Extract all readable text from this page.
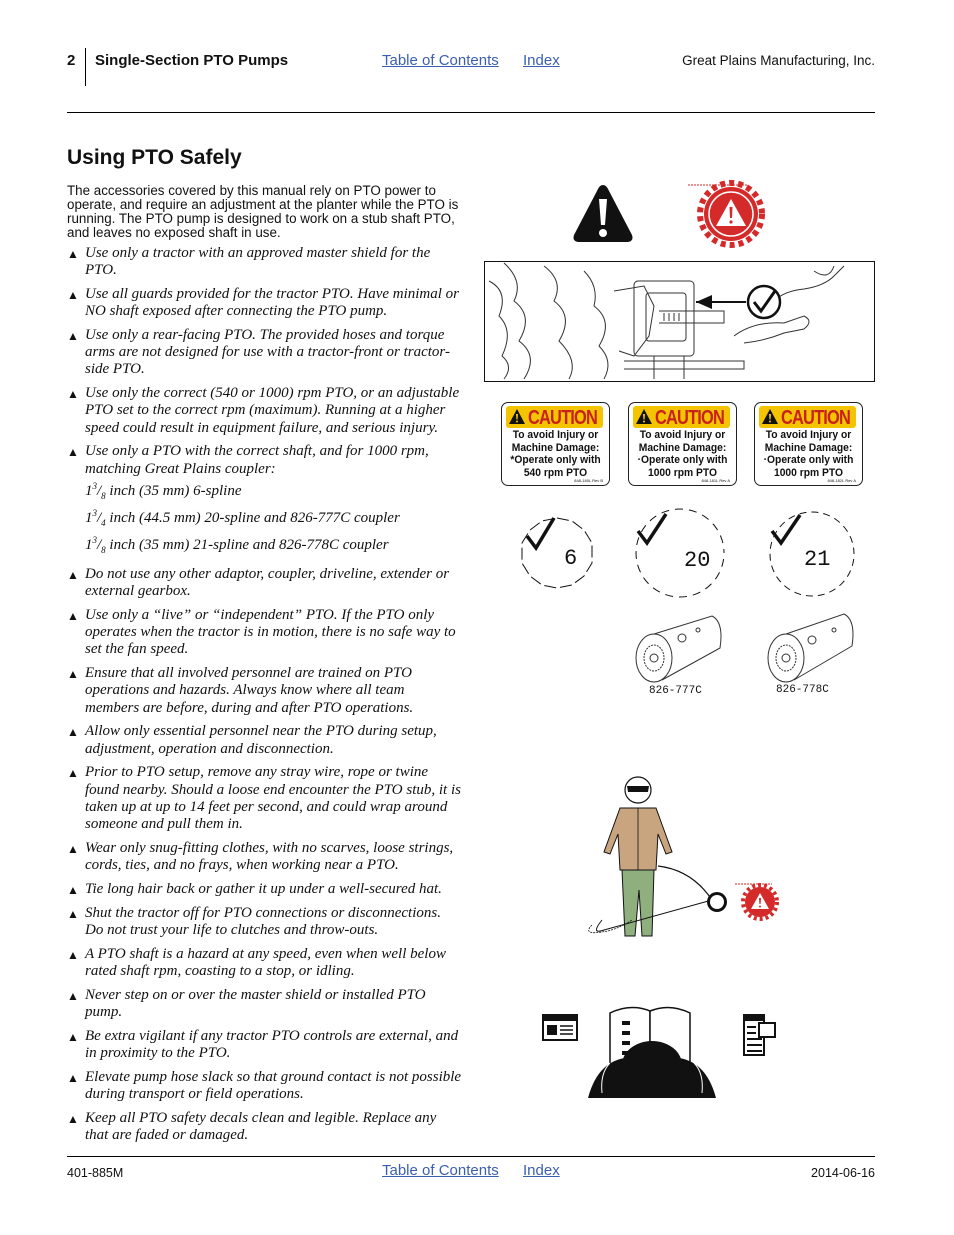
2 Single-Section PTO Pumps	Table of Contents Index	Great Plains Manufacturing, Inc.
Using PTO Safely
The accessories covered by this manual rely on PTO power to operate, and require an adjustment at the planter while the PTO is running. The PTO pump is designed to work on a stub shaft PTO, and leaves no exposed shaft in use.
▲ Use only a tractor with an approved master shield for the PTO.
▲ Use all guards provided for the tractor PTO. Have minimal or NO shaft exposed after connecting the PTO pump.
▲ Use only a rear-facing PTO. The provided hoses and torque arms are not designed for use with a tractor-front or tractor-side PTO.
▲ Use only the correct (540 or 1000) rpm PTO, or an adjustable PTO set to the correct rpm (maximum). Running at a higher speed could result in equipment failure, and serious injury.
▲ Use only a PTO with the correct shaft, and for 1000 rpm, matching Great Plains coupler:
$1^3/_8$ inch (35 mm) 6-spline
$1^3/_4$ inch (44.5 mm) 20-spline and 826-777C coupler
$1^3/_8$ inch (35 mm) 21-spline and 826-778C coupler
▲ Do not use any other adaptor, coupler, driveline, extender or external gearbox.
▲ Use only a “live” or “independent” PTO. If the PTO only operates when the tractor is in motion, there is no safe way to set the fan speed.
▲ Ensure that all involved personnel are trained on PTO operations and hazards. Always know where all team members are before, during and after PTO operations.
▲ Allow only essential personnel near the PTO during setup, adjustment, operation and disconnection.
▲ Prior to PTO setup, remove any stray wire, rope or twine found nearby. Should a loose end encounter the PTO stub, it is taken up at up to 14 feet per second, and could wrap around someone and pull them in.
▲ Wear only snug-fitting clothes, with no scarves, loose strings, cords, ties, and no frays, when working near a PTO.
▲ Tie long hair back or gather it up under a well-secured hat.
▲ Shut the tractor off for PTO connections or disconnections. Do not trust your life to clutches and throw-outs.
▲ A PTO shaft is a hazard at any speed, even when well below rated shaft rpm, coasting to a stop, or idling.
▲ Never step on or over the master shield or installed PTO pump.
▲ Be extra vigilant if any tractor PTO controls are external, and in proximity to the PTO.
▲ Elevate pump hose slack so that ground contact is not possible during transport or field operations.
▲ Keep all PTO safety decals clean and legible. Replace any that are faded or damaged.
CAUTION
To avoid Injury or
Machine Damage:
*Operate only with
540 rpm PTO
848-180L Rev B
CAUTION
To avoid Injury or
Machine Damage:
·Operate only with
1000 rpm PTO
848-181L Rev A
CAUTION
To avoid Injury or
Machine Damage:
·Operate only with
1000 rpm PTO
848-182L Rev A
6	20	21
826-777C	826-778C
401-885M	Table of Contents Index	2014-06-16
